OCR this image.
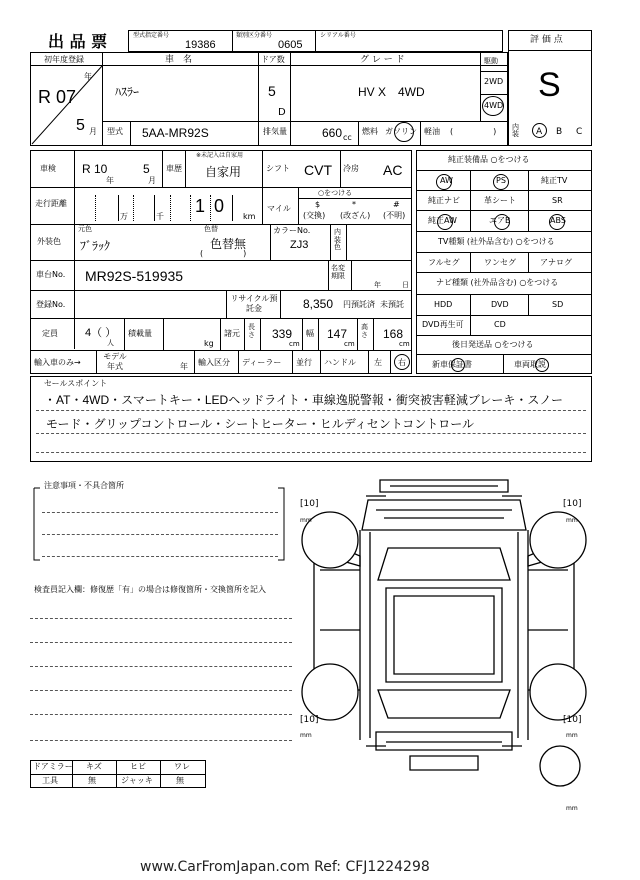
出 品 票	型式指定番号
19386
類別区分番号
0605
シリアル番号	評 価 点
S
初年度登録
R 07
年
5 月
車　名
ﾊｽﾗｰ
ドア数
5
D
グ レ ー ド
HV X　4WD
駆動
2WD
4WD
型式 5AA-MR92S	排気量	660 cc
燃料 ガソリン 軽油 (　　　　　) 内装	A B C
車検 R 10
年
5
月
車歴
※未記入は自家用
自家用	シフト CVT 冷房 AC
走行距離
万	千
1 0
km
マイル
○をつける
$
(交換)
*
(改ざん)
#
(不明)
外装色
元色
ﾌﾞﾗｯｸ
色替
色替無
(　　　　　)
カラーNo.
ZJ3
内装色
車台No. MR92S-519935	名変期限
年	日
登録No.
リサイクル預託金	8,350 円預託済 未預託
定員 4（ ）
人
積載量
kg
諸元
長さ 339
cm
幅 147
cm
高さ 168
cm
輸入車のみ→
モデル年式	年 輸入区分 ディーラー 並行 ハンドル 左 右
純正装備品 ○をつける
AW	PS	純正TV
純正ナビ	革シート	SR
純正AW	エアB	ABS
TV種類 (社外品含む) ○をつける
フルセグ	ワンセグ	アナログ
ナビ種類 (社外品含む) ○をつける
HDD	DVD	SD
DVD再生可	CD
後日発送品 ○をつける
新車保証書	車両取説
セールスポイント
・AT・4WD・スマートキー・LEDヘッドライト・車線逸脱警報・衝突被害軽減ブレーキ・スノー
モード・グリップコントロール・シートヒーター・ヒルディセントコントロール
注意事項・不具合箇所
検査員記入欄：修復歴「有」の場合は修復箇所・交換箇所を記入
[10]
mm
[10]
mm
[10]
mm
[10]
mm
mm
ドアミラー キズ	ヒビ	ワレ
工具	無	ジャッキ	無
www.CarFromJapan.com Ref: CFJ1224298
